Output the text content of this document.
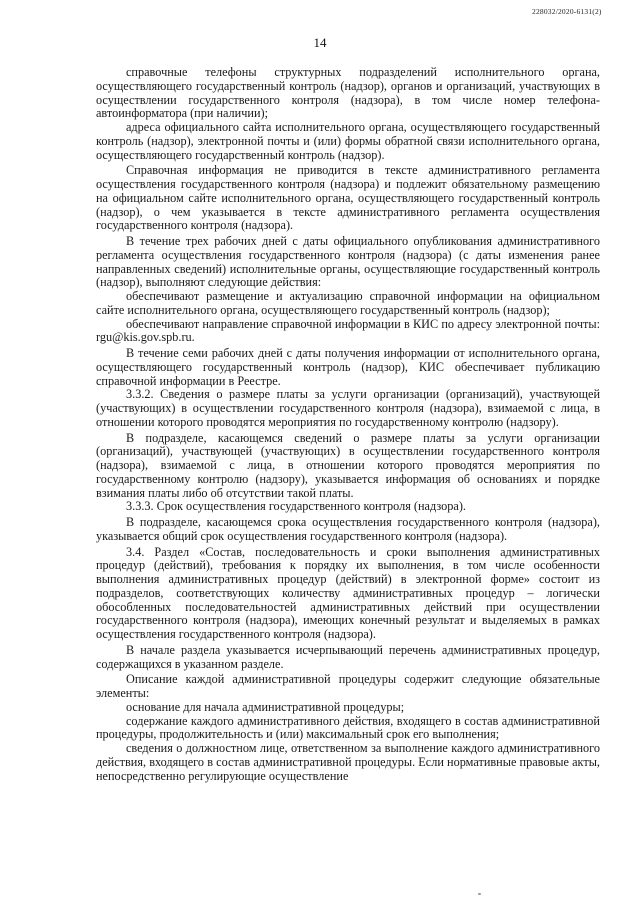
228032/2020-6131(2)
14

справочные телефоны структурных подразделений исполнительного органа, осуществляющего государственный контроль (надзор), органов и организаций, участвующих в осуществлении государственного контроля (надзора), в том числе номер телефона-автоинформатора (при наличии);

адреса официального сайта исполнительного органа, осуществляющего государственный контроль (надзор), электронной почты и (или) формы обратной связи исполнительного органа, осуществляющего государственный контроль (надзор).

Справочная информация не приводится в тексте административного регламента осуществления государственного контроля (надзора) и подлежит обязательному размещению на официальном сайте исполнительного органа, осуществляющего государственный контроль (надзор), о чем указывается в тексте административного регламента осуществления государственного контроля (надзора).

В течение трех рабочих дней с даты официального опубликования административного регламента осуществления государственного контроля (надзора) (с даты изменения ранее направленных сведений) исполнительные органы, осуществляющие государственный контроль (надзор), выполняют следующие действия:

обеспечивают размещение и актуализацию справочной информации на официальном сайте исполнительного органа, осуществляющего государственный контроль (надзор);

обеспечивают направление справочной информации в КИС по адресу электронной почты: rgu@kis.gov.spb.ru.

В течение семи рабочих дней с даты получения информации от исполнительного органа, осуществляющего государственный контроль (надзор), КИС обеспечивает публикацию справочной информации в Реестре.

3.3.2. Сведения о размере платы за услуги организации (организаций), участвующей (участвующих) в осуществлении государственного контроля (надзора), взимаемой с лица, в отношении которого проводятся мероприятия по государственному контролю (надзору).

В подразделе, касающемся сведений о размере платы за услуги организации (организаций), участвующей (участвующих) в осуществлении государственного контроля (надзора), взимаемой с лица, в отношении которого проводятся мероприятия по государственному контролю (надзору), указывается информация об основаниях и порядке взимания платы либо об отсутствии такой платы.

3.3.3. Срок осуществления государственного контроля (надзора).

В подразделе, касающемся срока осуществления государственного контроля (надзора), указывается общий срок осуществления государственного контроля (надзора).

3.4. Раздел «Состав, последовательность и сроки выполнения административных процедур (действий), требования к порядку их выполнения, в том числе особенности выполнения административных процедур (действий) в электронной форме» состоит из подразделов, соответствующих количеству административных процедур – логически обособленных последовательностей административных действий при осуществлении государственного контроля (надзора), имеющих конечный результат и выделяемых в рамках осуществления государственного контроля (надзора).

В начале раздела указывается исчерпывающий перечень административных процедур, содержащихся в указанном разделе.

Описание каждой административной процедуры содержит следующие обязательные элементы:

основание для начала административной процедуры;

содержание каждого административного действия, входящего в состав административной процедуры, продолжительность и (или) максимальный срок его выполнения;

сведения о должностном лице, ответственном за выполнение каждого административного действия, входящего в состав административной процедуры. Если нормативные правовые акты, непосредственно регулирующие осуществление
